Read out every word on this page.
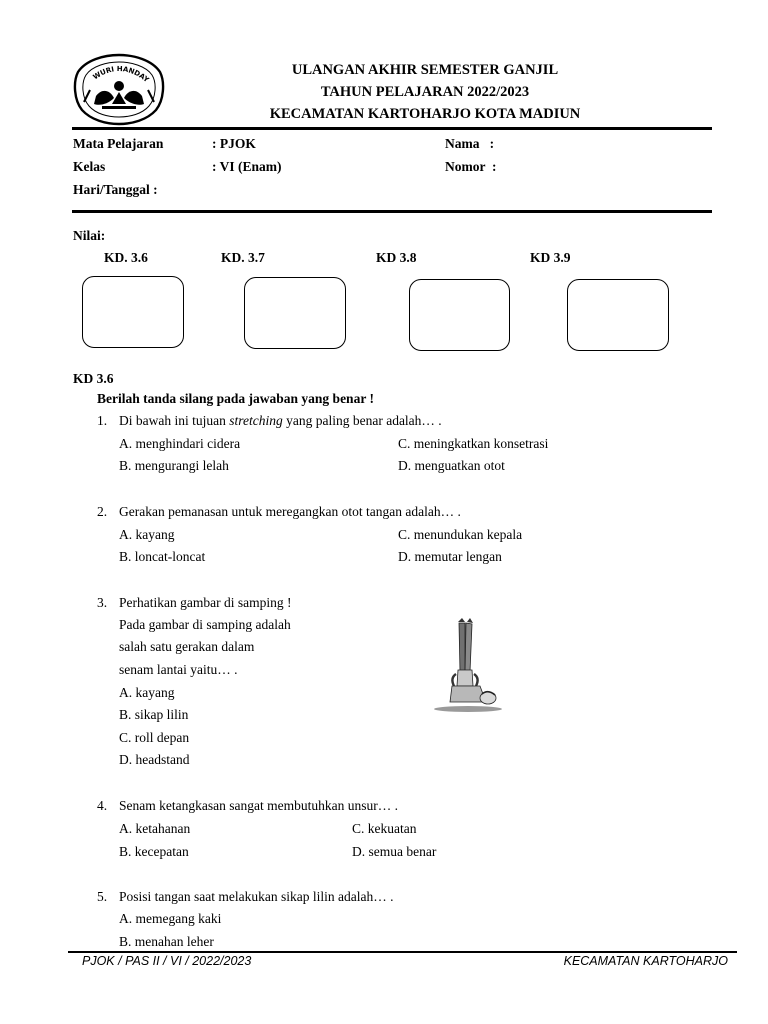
WURI HANDAY
ULANGAN AKHIR SEMESTER GANJIL
TAHUN PELAJARAN 2022/2023
KECAMATAN KARTOHARJO KOTA MADIUN
Mata Pelajaran	: PJOK	Nama   :
Kelas	: VI (Enam)	Nomor  :
Hari/Tanggal :
Nilai:
KD. 3.6	KD. 3.7	KD 3.8	KD 3.9
KD 3.6
Berilah tanda silang pada jawaban yang benar !
1. Di bawah ini tujuan stretching yang paling benar adalah… .
A. menghindari cidera
B. mengurangi lelah
C. meningkatkan konsetrasi
D. menguatkan otot
2. Gerakan pemanasan untuk meregangkan otot tangan adalah… .
A. kayang
B. loncat-loncat
C. menundukan kepala
D. memutar lengan
3. Perhatikan gambar di samping !
Pada gambar di samping adalah
salah satu gerakan dalam
senam lantai yaitu… .
A. kayang
B. sikap lilin
C. roll depan
D. headstand
4. Senam ketangkasan sangat membutuhkan unsur… .
A. ketahanan
B. kecepatan
C. kekuatan
D. semua benar
5. Posisi tangan saat melakukan sikap lilin adalah… .
A. memegang kaki
B. menahan leher
PJOK / PAS II / VI / 2022/2023	KECAMATAN KARTOHARJO
